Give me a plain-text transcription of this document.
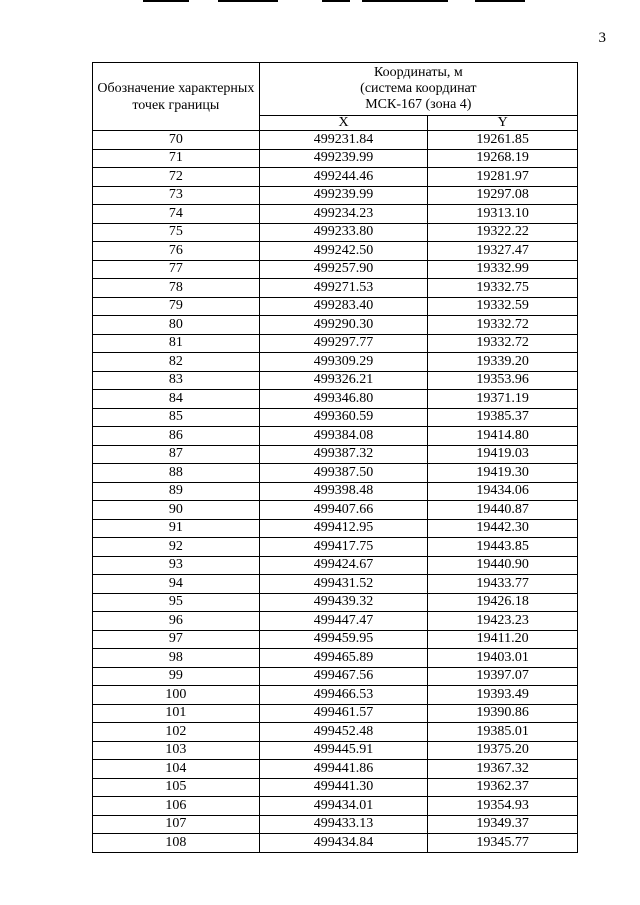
3
Обозначение характерных точек границы	Координаты, м
(система координат
МСК-167 (зона 4)	

	X	Y
70	499231.84	19261.85
71	499239.99	19268.19
72	499244.46	19281.97
73	499239.99	19297.08
74	499234.23	19313.10
75	499233.80	19322.22
76	499242.50	19327.47
77	499257.90	19332.99
78	499271.53	19332.75
79	499283.40	19332.59
80	499290.30	19332.72
81	499297.77	19332.72
82	499309.29	19339.20
83	499326.21	19353.96
84	499346.80	19371.19
85	499360.59	19385.37
86	499384.08	19414.80
87	499387.32	19419.03
88	499387.50	19419.30
89	499398.48	19434.06
90	499407.66	19440.87
91	499412.95	19442.30
92	499417.75	19443.85
93	499424.67	19440.90
94	499431.52	19433.77
95	499439.32	19426.18
96	499447.47	19423.23
97	499459.95	19411.20
98	499465.89	19403.01
99	499467.56	19397.07
100	499466.53	19393.49
101	499461.57	19390.86
102	499452.48	19385.01
103	499445.91	19375.20
104	499441.86	19367.32
105	499441.30	19362.37
106	499434.01	19354.93
107	499433.13	19349.37
108	499434.84	19345.77
